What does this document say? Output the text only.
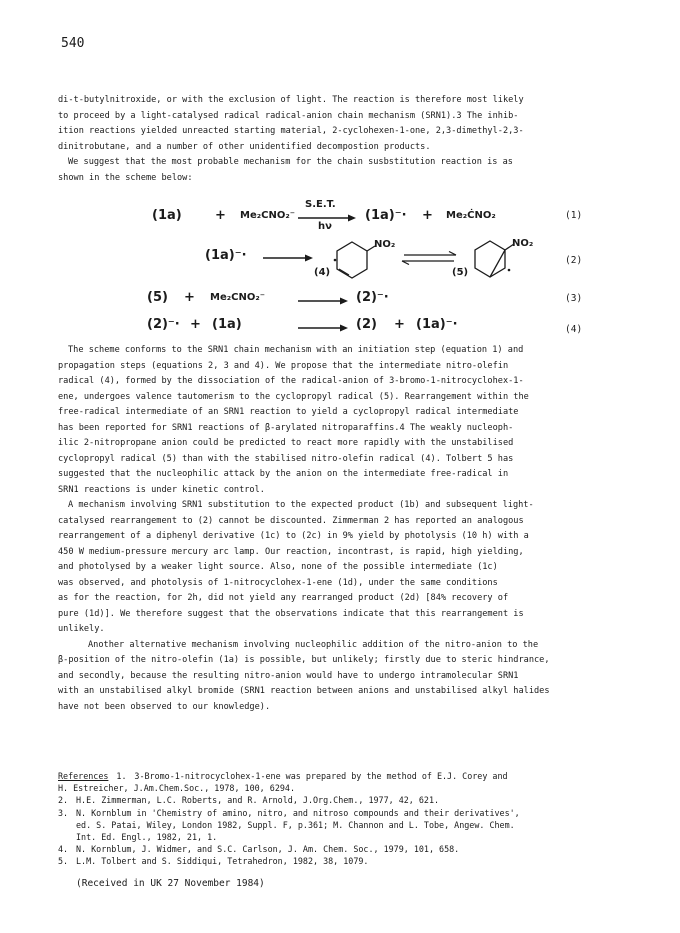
540
di-t-butylnitroxide, or with the exclusion of light. The reaction is therefore most likely
to proceed by a light-catalysed radical radical-anion chain mechanism (SRN1).3 The inhib-
ition reactions yielded unreacted starting material, 2-cyclohexen-1-one, 2,3-dimethyl-2,3-
dinitrobutane, and a number of other unidentified decompostion products.
We suggest that the most probable mechanism for the chain susbstitution reaction is as
shown in the scheme below:
(1a)	+ Me₂CNO₂⁻
S.E.T.
hν
(1a)⁻· + Me₂ĊNO₂	(1)
(1a)⁻· →
NO₂
(4)
NO₂
(5)
(2)
(5) + Me₂CNO₂⁻ → (2)⁻·	(3)
(2)⁻· + (1a)	→ (2) + (1a)⁻·	(4)
The scheme conforms to the SRN1 chain mechanism with an initiation step (equation 1) and
propagation steps (equations 2, 3 and 4). We propose that the intermediate nitro-olefin
radical (4), formed by the dissociation of the radical-anion of 3-bromo-1-nitrocyclohex-1-
ene, undergoes valence tautomerism to the cyclopropyl radical (5). Rearrangement within the
free-radical intermediate of an SRN1 reaction to yield a cyclopropyl radical intermediate
has been reported for SRN1 reactions of β-arylated nitroparaffins.4 The weakly nucleoph-
ilic 2-nitropropane anion could be predicted to react more rapidly with the unstabilised
cyclopropyl radical (5) than with the stabilised nitro-olefin radical (4). Tolbert 5 has
suggested that the nucleophilic attack by the anion on the intermediate free-radical in
SRN1 reactions is under kinetic control.
A mechanism involving SRN1 substitution to the expected product (1b) and subsequent light-
catalysed rearrangement to (2) cannot be discounted. Zimmerman 2 has reported an analogous
rearrangement of a diphenyl derivative (1c) to (2c) in 9% yield by photolysis (10 h) with a
450 W medium-pressure mercury arc lamp. Our reaction, incontrast, is rapid, high yielding,
and photolysed by a weaker light source. Also, none of the possible intermediate (1c)
was observed, and photolysis of 1-nitrocyclohex-1-ene (1d), under the same conditions
as for the reaction, for 2h, did not yield any rearranged product (2d) [84% recovery of
pure (1d)]. We therefore suggest that the observations indicate that this rearrangement is
unlikely.
Another alternative mechanism involving nucleophilic addition of the nitro-anion to the
β-position of the nitro-olefin (1a) is possible, but unlikely; firstly due to steric hindrance,
and secondly, because the resulting nitro-anion would have to undergo intramolecular SRN1
with an unstabilised alkyl bromide (SRN1 reaction between anions and unstabilised alkyl halides
have not been observed to our knowledge).
References 1. 3-Bromo-1-nitrocyclohex-1-ene was prepared by the method of E.J. Corey and
H. Estreicher, J.Am.Chem.Soc., 1978, 100, 6294.
2. H.E. Zimmerman, L.C. Roberts, and R. Arnold, J.Org.Chem., 1977, 42, 621.
3. N. Kornblum in 'Chemistry of amino, nitro, and nitroso compounds and their derivatives',
ed. S. Patai, Wiley, London 1982, Suppl. F, p.361; M. Channon and L. Tobe, Angew. Chem.
Int. Ed. Engl., 1982, 21, 1.
4. N. Kornblum, J. Widmer, and S.C. Carlson, J. Am. Chem. Soc., 1979, 101, 658.
5. L.M. Tolbert and S. Siddiqui, Tetrahedron, 1982, 38, 1079.
(Received in UK 27 November 1984)
